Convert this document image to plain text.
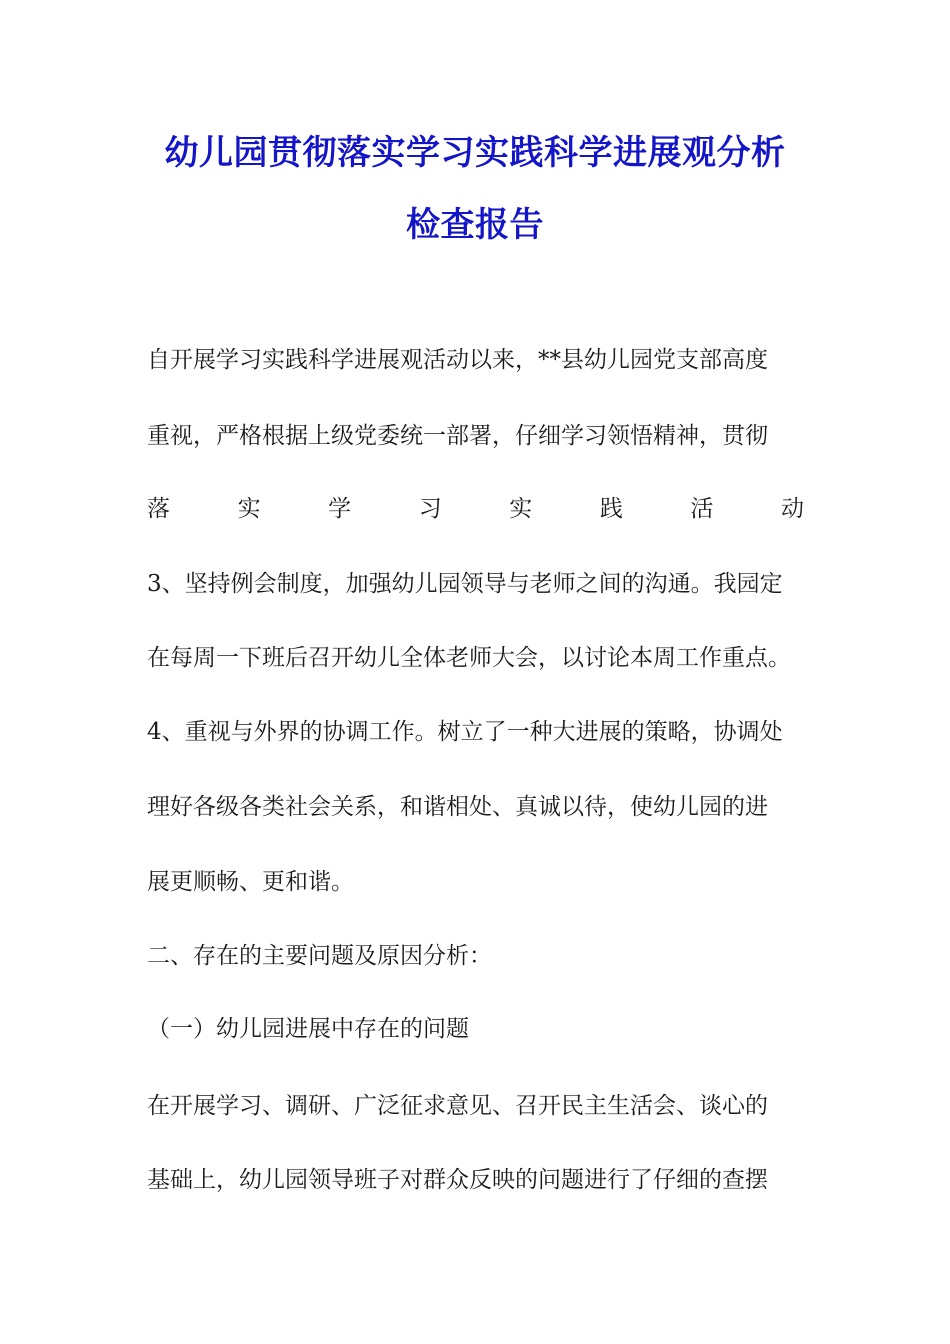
幼儿园贯彻落实学习实践科学进展观分析
检查报告
自开展学习实践科学进展观活动以来，**县幼儿园党支部高度
重视，严格根据上级党委统一部署，仔细学习领悟精神，贯彻
落	实	学	习	实	践	活	动
3、坚持例会制度，加强幼儿园领导与老师之间的沟通。我园定
在每周一下班后召开幼儿全体老师大会，以讨论本周工作重点。
4、重视与外界的协调工作。树立了一种大进展的策略，协调处
理好各级各类社会关系，和谐相处、真诚以待，使幼儿园的进
展更顺畅、更和谐。
二、存在的主要问题及原因分析：
（一）幼儿园进展中存在的问题
在开展学习、调研、广泛征求意见、召开民主生活会、谈心的
基础上，幼儿园领导班子对群众反映的问题进行了仔细的查摆
